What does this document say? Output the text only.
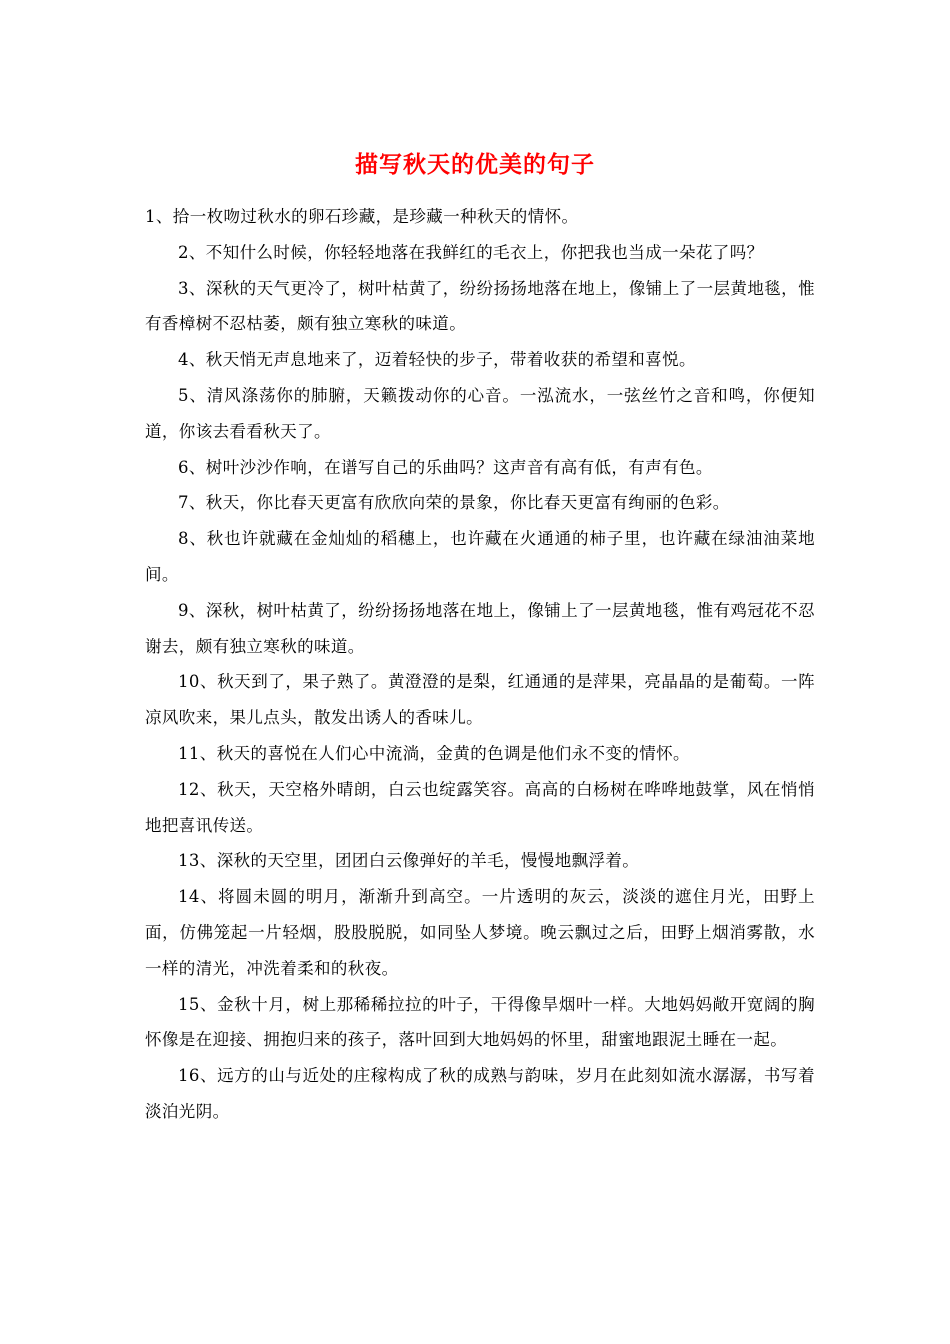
描写秋天的优美的句子

1、拾一枚吻过秋水的卵石珍藏，是珍藏一种秋天的情怀。

2、不知什么时候，你轻轻地落在我鲜红的毛衣上，你把我也当成一朵花了吗？

3、深秋的天气更冷了，树叶枯黄了，纷纷扬扬地落在地上，像铺上了一层黄地毯，惟有香樟树不忍枯萎，颇有独立寒秋的味道。

4、秋天悄无声息地来了，迈着轻快的步子，带着收获的希望和喜悦。

5、清风涤荡你的肺腑，天籁拨动你的心音。一泓流水，一弦丝竹之音和鸣，你便知道，你该去看看秋天了。

6、树叶沙沙作响，在谱写自己的乐曲吗？这声音有高有低，有声有色。

7、秋天，你比春天更富有欣欣向荣的景象，你比春天更富有绚丽的色彩。

8、秋也许就藏在金灿灿的稻穗上，也许藏在火通通的柿子里，也许藏在绿油油菜地间。

9、深秋，树叶枯黄了，纷纷扬扬地落在地上，像铺上了一层黄地毯，惟有鸡冠花不忍谢去，颇有独立寒秋的味道。

10、秋天到了，果子熟了。黄澄澄的是梨，红通通的是萍果，亮晶晶的是葡萄。一阵凉风吹来，果儿点头，散发出诱人的香味儿。

11、秋天的喜悦在人们心中流淌，金黄的色调是他们永不变的情怀。

12、秋天，天空格外晴朗，白云也绽露笑容。高高的白杨树在哗哗地鼓掌，风在悄悄地把喜讯传送。

13、深秋的天空里，团团白云像弹好的羊毛，慢慢地飘浮着。

14、将圆未圆的明月，渐渐升到高空。一片透明的灰云，淡淡的遮住月光，田野上面，仿佛笼起一片轻烟，股股脱脱，如同坠人梦境。晚云飘过之后，田野上烟消雾散，水一样的清光，冲洗着柔和的秋夜。

15、金秋十月，树上那稀稀拉拉的叶子，干得像旱烟叶一样。大地妈妈敞开宽阔的胸怀像是在迎接、拥抱归来的孩子，落叶回到大地妈妈的怀里，甜蜜地跟泥土睡在一起。

16、远方的山与近处的庄稼构成了秋的成熟与韵味，岁月在此刻如流水潺潺，书写着淡泊光阴。
